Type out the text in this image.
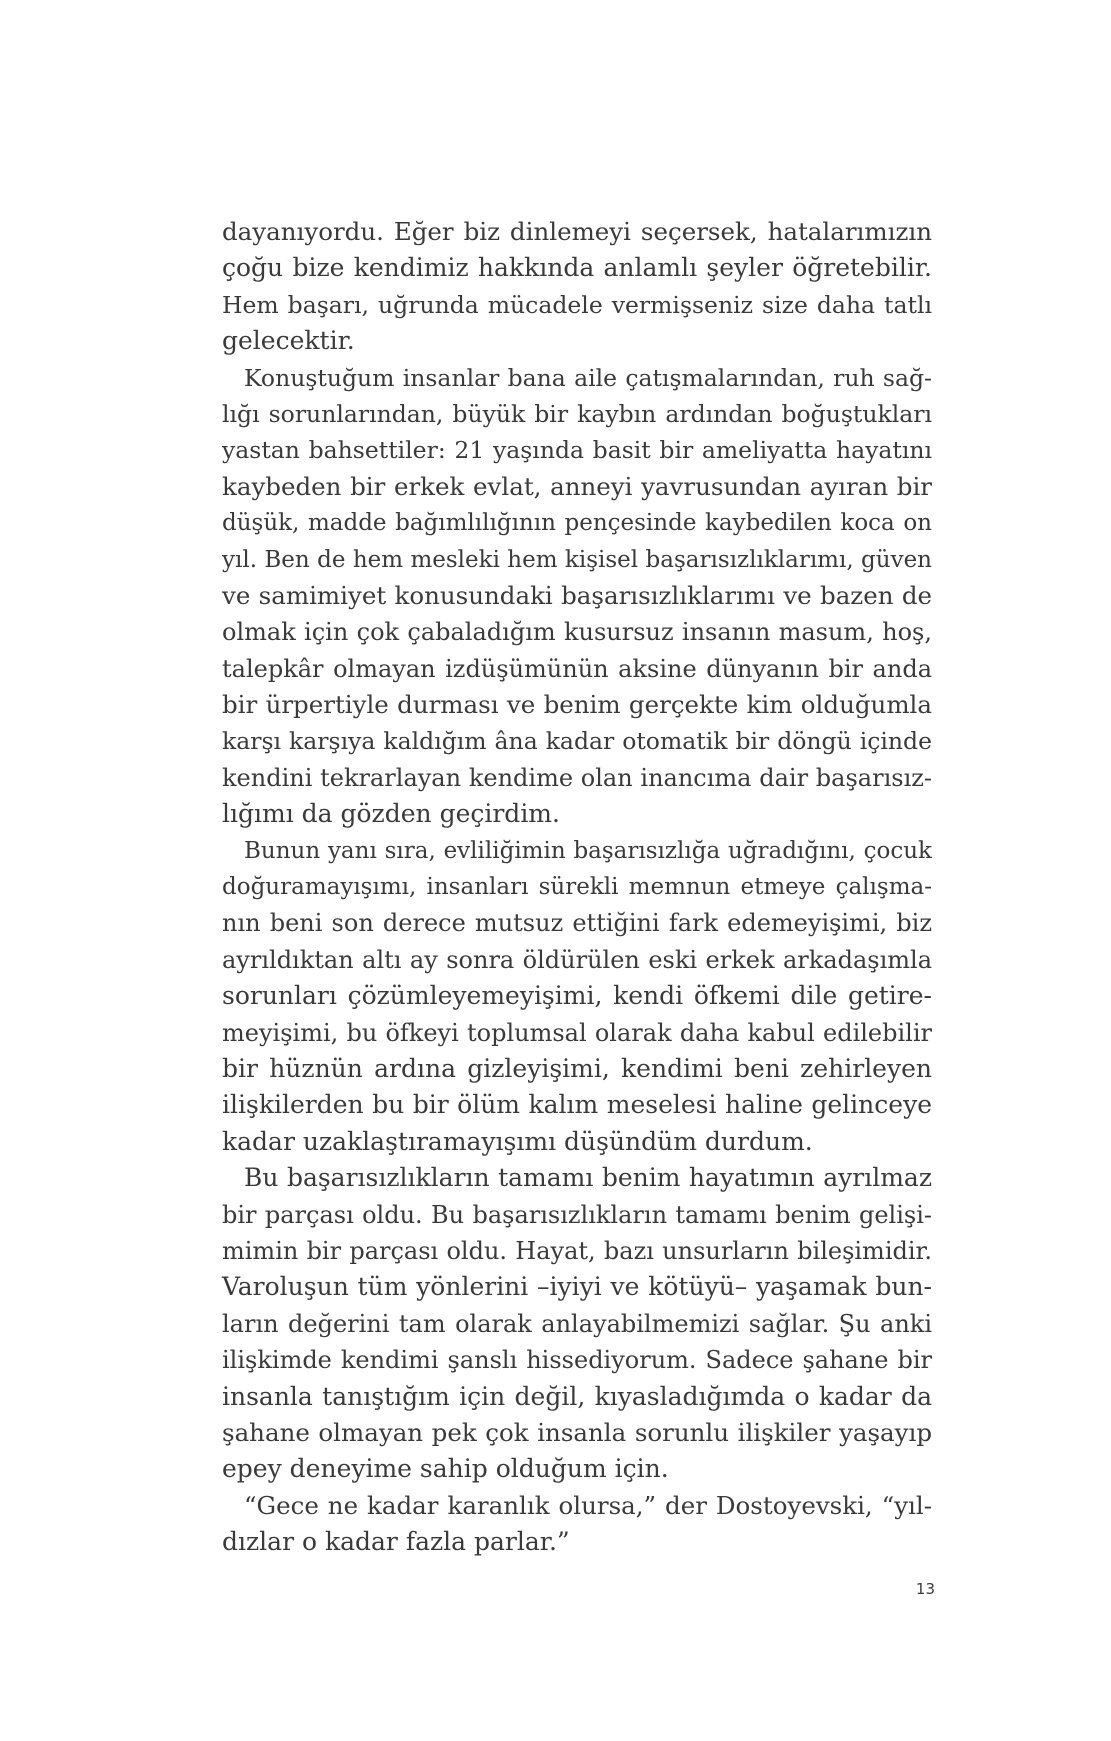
dayanıyordu. Eğer biz dinlemeyi seçersek, hatalarımızın
çoğu bize kendimiz hakkında anlamlı şeyler öğretebilir.
Hem başarı, uğrunda mücadele vermişseniz size daha tatlı
gelecektir.
Konuştuğum insanlar bana aile çatışmalarından, ruh sağ-
lığı sorunlarından, büyük bir kaybın ardından boğuştukları
yastan bahsettiler: 21 yaşında basit bir ameliyatta hayatını
kaybeden bir erkek evlat, anneyi yavrusundan ayıran bir
düşük, madde bağımlılığının pençesinde kaybedilen koca on
yıl. Ben de hem mesleki hem kişisel başarısızlıklarımı, güven
ve samimiyet konusundaki başarısızlıklarımı ve bazen de
olmak için çok çabaladığım kusursuz insanın masum, hoş,
talepkâr olmayan izdüşümünün aksine dünyanın bir anda
bir ürpertiyle durması ve benim gerçekte kim olduğumla
karşı karşıya kaldığım âna kadar otomatik bir döngü içinde
kendini tekrarlayan kendime olan inancıma dair başarısız-
lığımı da gözden geçirdim.
Bunun yanı sıra, evliliğimin başarısızlığa uğradığını, çocuk
doğuramayışımı, insanları sürekli memnun etmeye çalışma-
nın beni son derece mutsuz ettiğini fark edemeyişimi, biz
ayrıldıktan altı ay sonra öldürülen eski erkek arkadaşımla
sorunları çözümleyemeyişimi, kendi öfkemi dile getire-
meyişimi, bu öfkeyi toplumsal olarak daha kabul edilebilir
bir hüznün ardına gizleyişimi, kendimi beni zehirleyen
ilişkilerden bu bir ölüm kalım meselesi haline gelinceye
kadar uzaklaştıramayışımı düşündüm durdum.
Bu başarısızlıkların tamamı benim hayatımın ayrılmaz
bir parçası oldu. Bu başarısızlıkların tamamı benim gelişi-
mimin bir parçası oldu. Hayat, bazı unsurların bileşimidir.
Varoluşun tüm yönlerini –iyiyi ve kötüyü– yaşamak bun-
ların değerini tam olarak anlayabilmemizi sağlar. Şu anki
ilişkimde kendimi şanslı hissediyorum. Sadece şahane bir
insanla tanıştığım için değil, kıyasladığımda o kadar da
şahane olmayan pek çok insanla sorunlu ilişkiler yaşayıp
epey deneyime sahip olduğum için.
“Gece ne kadar karanlık olursa,” der Dostoyevski, “yıl-
dızlar o kadar fazla parlar.”
13
